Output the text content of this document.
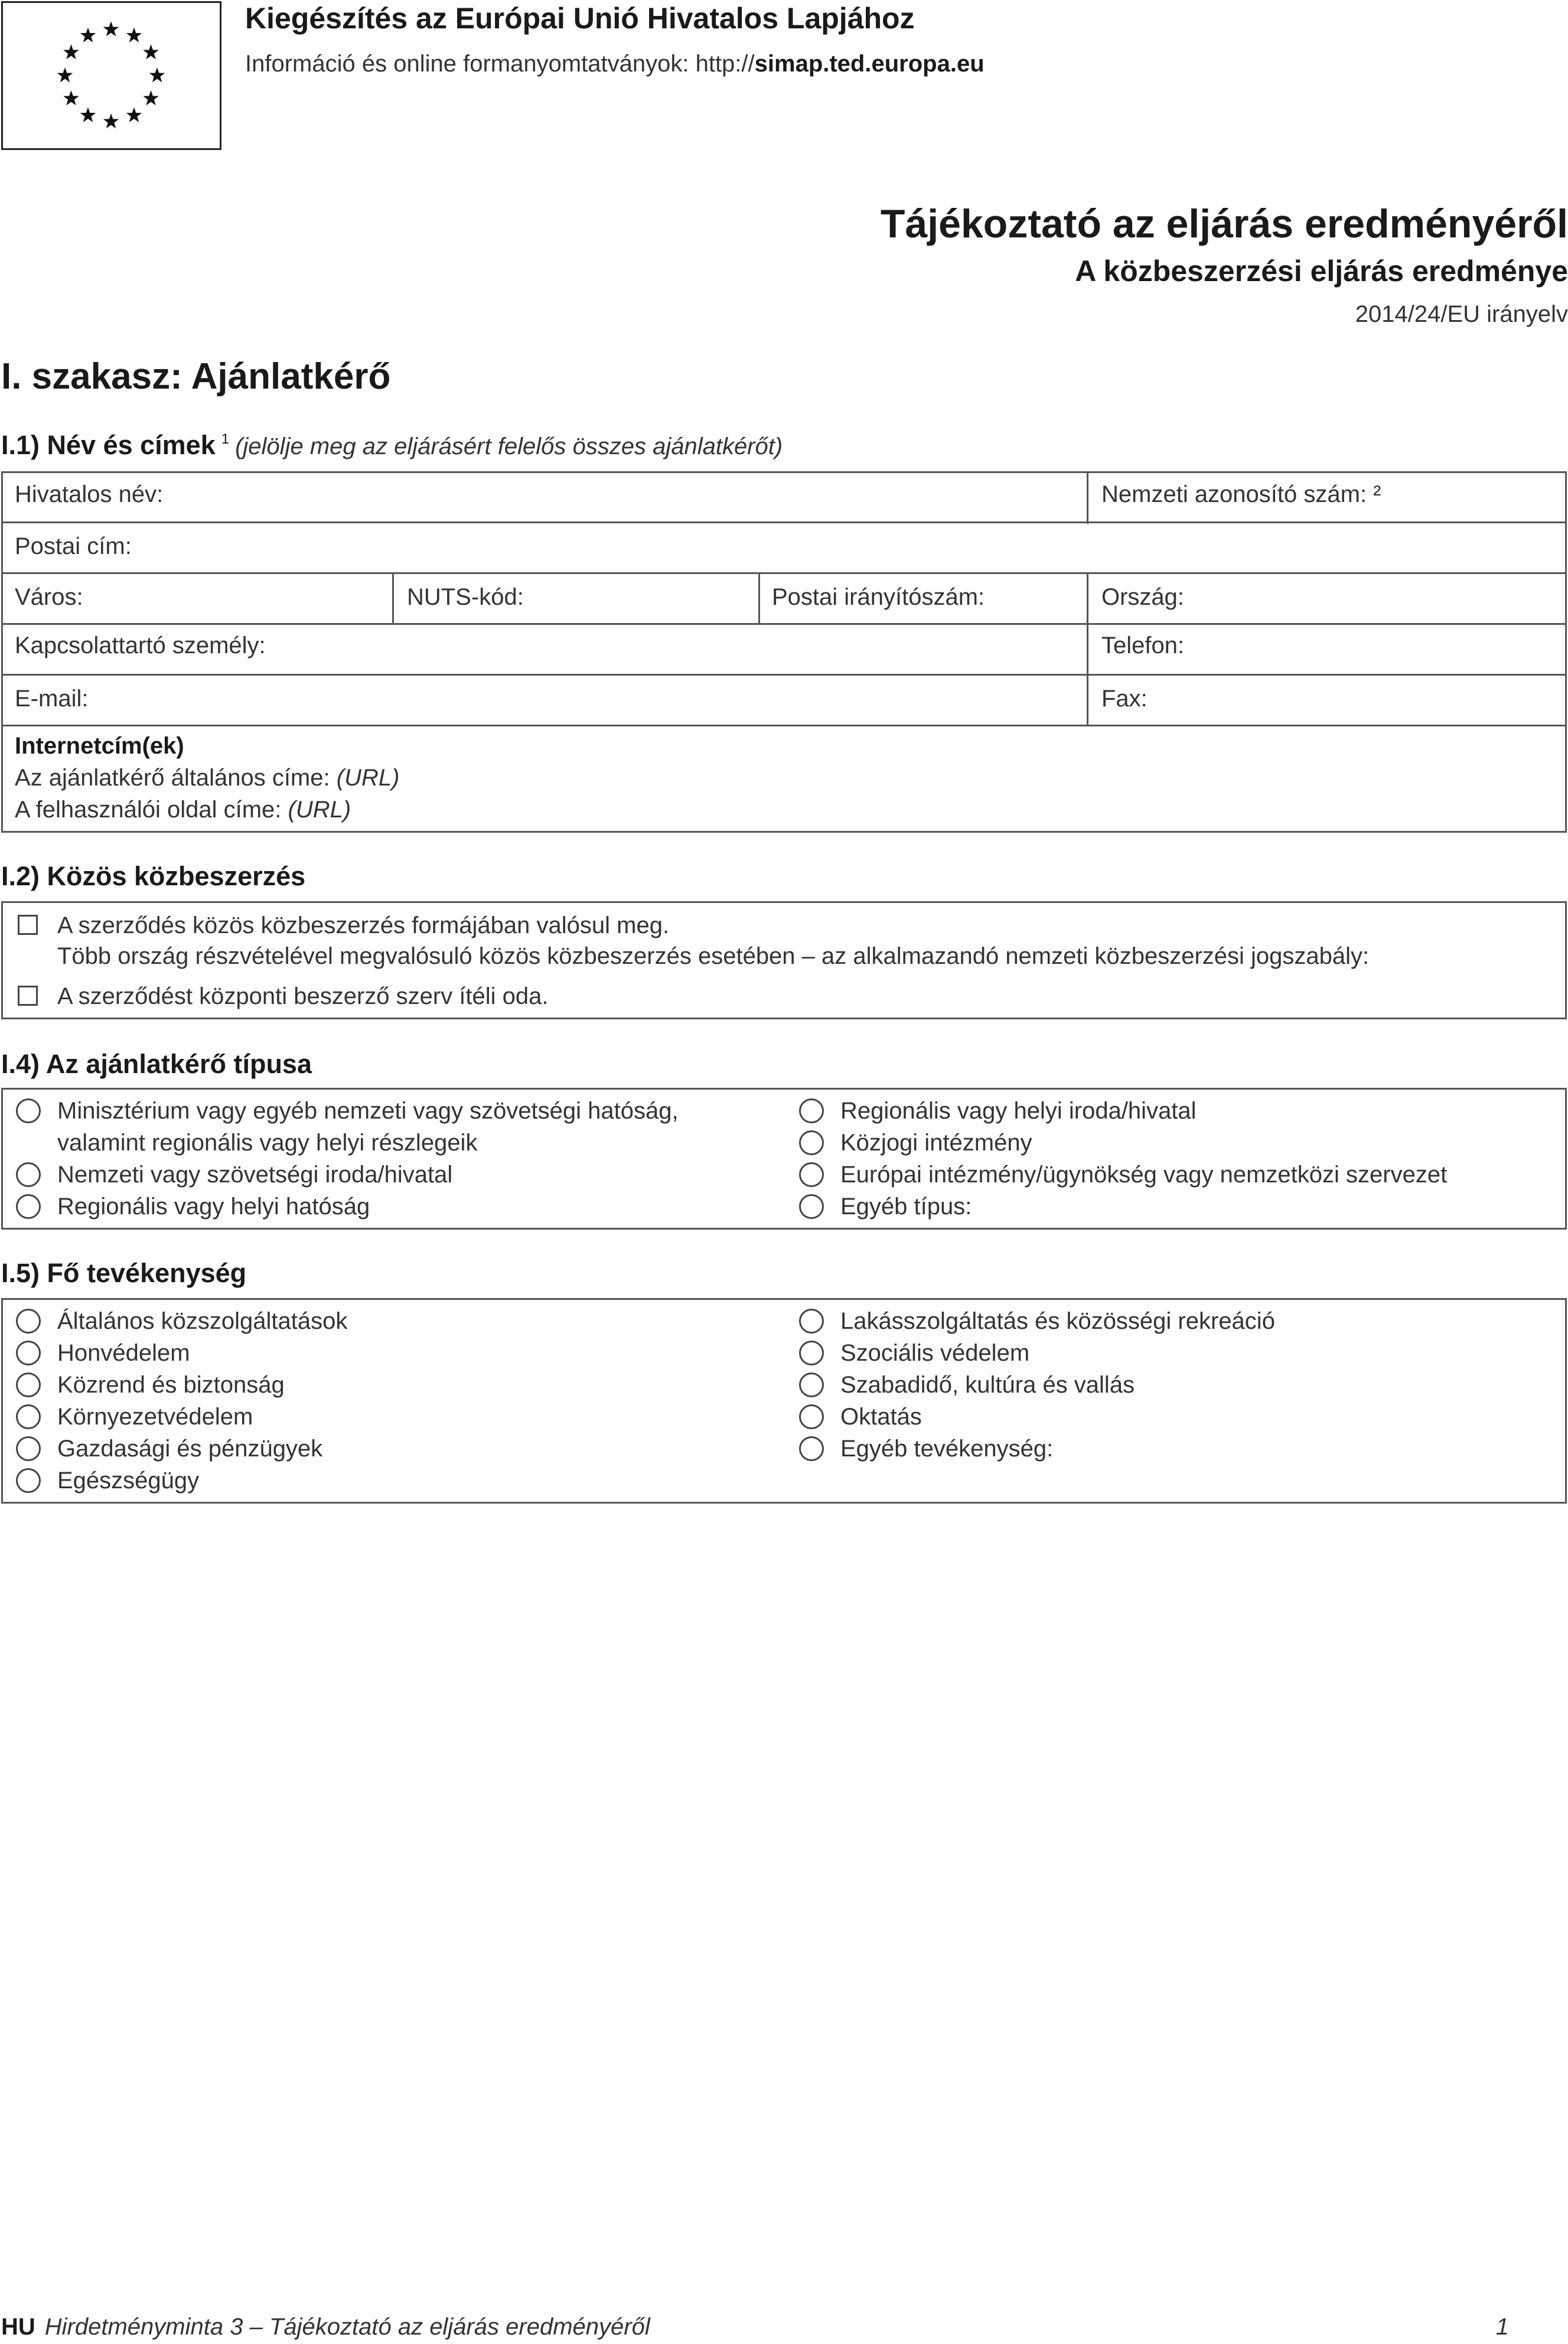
Kiegészítés az Európai Unió Hivatalos Lapjához
Információ és online formanyomtatványok: http://simap.ted.europa.eu
Tájékoztató az eljárás eredményéről
A közbeszerzési eljárás eredménye
2014/24/EU irányelv
I. szakasz: Ajánlatkérő
I.1) Név és címek $^1$ (jelölje meg az eljárásért felelős összes ajánlatkérőt)
Hivatalos név:	Nemzeti azonosító szám: ²
Postai cím:
Város:	NUTS-kód:	Postai irányítószám:	Ország:
Kapcsolattartó személy:	Telefon:
E-mail:	Fax:
Internetcím(ek)
Az ajánlatkérő általános címe: (URL)
A felhasználói oldal címe: (URL)
I.2) Közös közbeszerzés
A szerződés közös közbeszerzés formájában valósul meg.
Több ország részvételével megvalósuló közös közbeszerzés esetében – az alkalmazandó nemzeti közbeszerzési jogszabály:
A szerződést központi beszerző szerv ítéli oda.
I.4) Az ajánlatkérő típusa
Minisztérium vagy egyéb nemzeti vagy szövetségi hatóság,
valamint regionális vagy helyi részlegeik
Nemzeti vagy szövetségi iroda/hivatal
Regionális vagy helyi hatóság
Regionális vagy helyi iroda/hivatal
Közjogi intézmény
Európai intézmény/ügynökség vagy nemzetközi szervezet
Egyéb típus:
I.5) Fő tevékenység
Általános közszolgáltatások
Honvédelem
Közrend és biztonság
Környezetvédelem
Gazdasági és pénzügyek
Egészségügy
Lakásszolgáltatás és közösségi rekreáció
Szociális védelem
Szabadidő, kultúra és vallás
Oktatás
Egyéb tevékenység:
HU Hirdetményminta 3 – Tájékoztató az eljárás eredményéről	1
